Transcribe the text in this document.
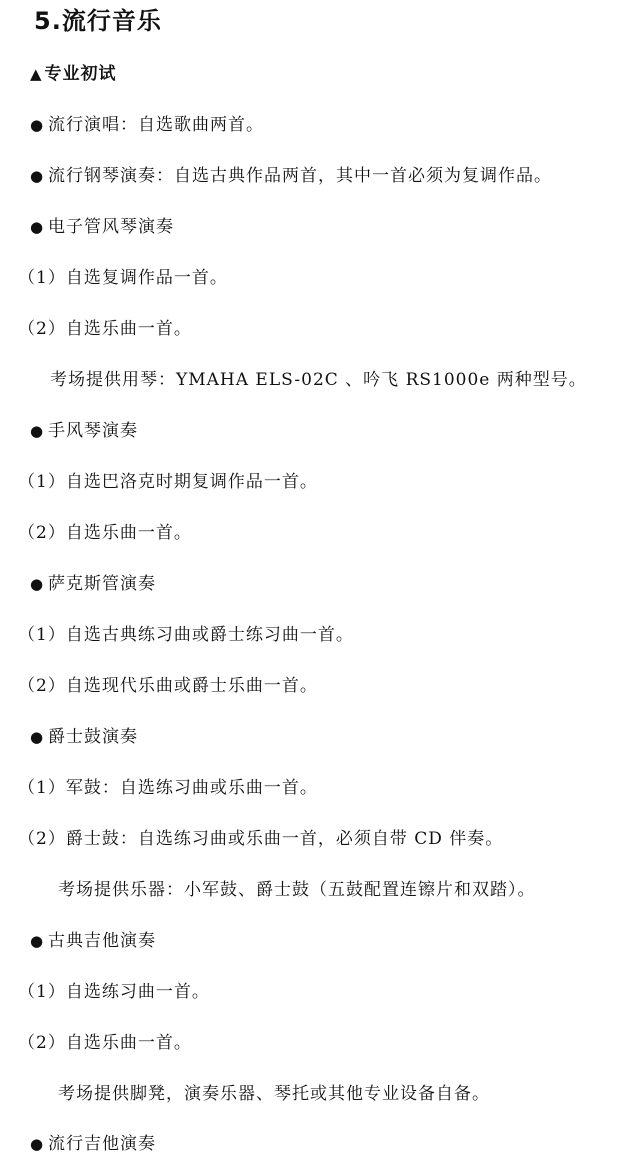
5.流行音乐
▲ 专业初试
● 流行演唱：自选歌曲两首。
● 流行钢琴演奏：自选古典作品两首，其中一首必须为复调作品。
● 电子管风琴演奏
（1）自选复调作品一首。
（2）自选乐曲一首。
考场提供用琴：YMAHA ELS-02C 、吟飞 RS1000e 两种型号。
● 手风琴演奏
（1）自选巴洛克时期复调作品一首。
（2）自选乐曲一首。
● 萨克斯管演奏
（1）自选古典练习曲或爵士练习曲一首。
（2）自选现代乐曲或爵士乐曲一首。
● 爵士鼓演奏
（1）军鼓：自选练习曲或乐曲一首。
（2）爵士鼓：自选练习曲或乐曲一首，必须自带 CD 伴奏。
考场提供乐器：小军鼓、爵士鼓（五鼓配置连镲片和双踏）。
● 古典吉他演奏
（1）自选练习曲一首。
（2）自选乐曲一首。
考场提供脚凳，演奏乐器、琴托或其他专业设备自备。
● 流行吉他演奏
